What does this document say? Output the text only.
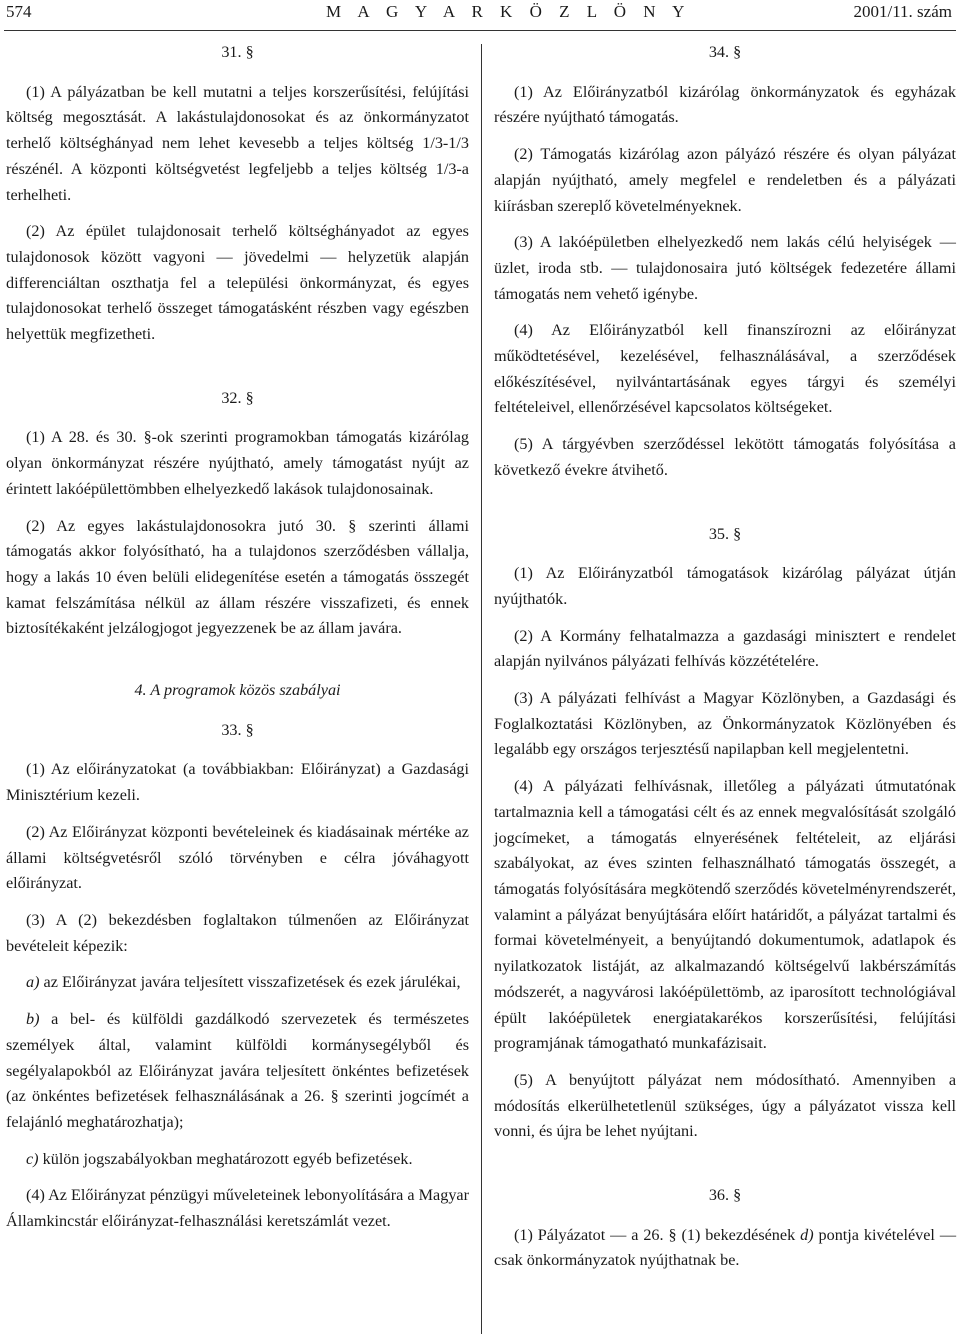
574	M A G Y A R K Ö Z L Ö N Y	2001/11. szám
31. §

(1) A pályázatban be kell mutatni a teljes korszerűsítési, felújítási költség megosztását. A lakástulajdonosokat és az önkormányzatot terhelő költséghányad nem lehet kevesebb a teljes költség 1/3-1/3 részénél. A központi költségvetést legfeljebb a teljes költség 1/3-a terhelheti.

(2) Az épület tulajdonosait terhelő költséghányadot az egyes tulajdonosok között vagyoni — jövedelmi — helyzetük alapján differenciáltan oszthatja fel a települési önkormányzat, és egyes tulajdonosokat terhelő összeget támogatásként részben vagy egészben helyettük megfizetheti.

32. §

(1) A 28. és 30. §-ok szerinti programokban támogatás kizárólag olyan önkormányzat részére nyújtható, amely támogatást nyújt az érintett lakóépülettömbben elhelyezkedő lakások tulajdonosainak.

(2) Az egyes lakástulajdonosokra jutó 30. § szerinti állami támogatás akkor folyósítható, ha a tulajdonos szerződésben vállalja, hogy a lakás 10 éven belüli elidegenítése esetén a támogatás összegét kamat felszámítása nélkül az állam részére visszafizeti, és ennek biztosítékaként jelzálogjogot jegyezzenek be az állam javára.

4. A programok közös szabályai
33. §

(1) Az előirányzatokat (a továbbiakban: Előirányzat) a Gazdasági Minisztérium kezeli.

(2) Az Előirányzat központi bevételeinek és kiadásainak mértéke az állami költségvetésről szóló törvényben e célra jóváhagyott előirányzat.

(3) A (2) bekezdésben foglaltakon túlmenően az Előirányzat bevételeit képezik:

a) az Előirányzat javára teljesített visszafizetések és ezek járulékai,

b) a bel- és külföldi gazdálkodó szervezetek és természetes személyek által, valamint külföldi kormánysegélyből és segélyalapokból az Előirányzat javára teljesített önkéntes befizetések (az önkéntes befizetések felhasználásának a 26. § szerinti jogcímét a felajánló meghatározhatja);

c) külön jogszabályokban meghatározott egyéb befizetések.

(4) Az Előirányzat pénzügyi műveleteinek lebonyolítására a Magyar Államkincstár előirányzat-felhasználási keretszámlát vezet.

34. §

(1) Az Előirányzatból kizárólag önkormányzatok és egyházak részére nyújtható támogatás.

(2) Támogatás kizárólag azon pályázó részére és olyan pályázat alapján nyújtható, amely megfelel e rendeletben és a pályázati kiírásban szereplő követelményeknek.

(3) A lakóépületben elhelyezkedő nem lakás célú helyiségek — üzlet, iroda stb. — tulajdonosaira jutó költségek fedezetére állami támogatás nem vehető igénybe.

(4) Az Előirányzatból kell finanszírozni az előirányzat működtetésével, kezelésével, felhasználásával, a szerződések előkészítésével, nyilvántartásának egyes tárgyi és személyi feltételeivel, ellenőrzésével kapcsolatos költségeket.

(5) A tárgyévben szerződéssel lekötött támogatás folyósítása a következő évekre átvihető.

35. §

(1) Az Előirányzatból támogatások kizárólag pályázat útján nyújthatók.

(2) A Kormány felhatalmazza a gazdasági minisztert e rendelet alapján nyilvános pályázati felhívás közzétételére.

(3) A pályázati felhívást a Magyar Közlönyben, a Gazdasági és Foglalkoztatási Közlönyben, az Önkormányzatok Közlönyében és legalább egy országos terjesztésű napilapban kell megjelentetni.

(4) A pályázati felhívásnak, illetőleg a pályázati útmutatónak tartalmaznia kell a támogatási célt és az ennek megvalósítását szolgáló jogcímeket, a támogatás elnyerésének feltételeit, az eljárási szabályokat, az éves szinten felhasználható támogatás összegét, a támogatás folyósítására megkötendő szerződés követelményrendszerét, valamint a pályázat benyújtására előírt határidőt, a pályázat tartalmi és formai követelményeit, a benyújtandó dokumentumok, adatlapok és nyilatkozatok listáját, az alkalmazandó költségelvű lakbérszámítás módszerét, a nagyvárosi lakóépülettömb, az iparosított technológiával épült lakóépületek energiatakarékos korszerűsítési, felújítási programjának támogatható munkafázisait.

(5) A benyújtott pályázat nem módosítható. Amennyiben a módosítás elkerülhetetlenül szükséges, úgy a pályázatot vissza kell vonni, és újra be lehet nyújtani.

36. §

(1) Pályázatot — a 26. § (1) bekezdésének d) pontja kivételével — csak önkormányzatok nyújthatnak be.
